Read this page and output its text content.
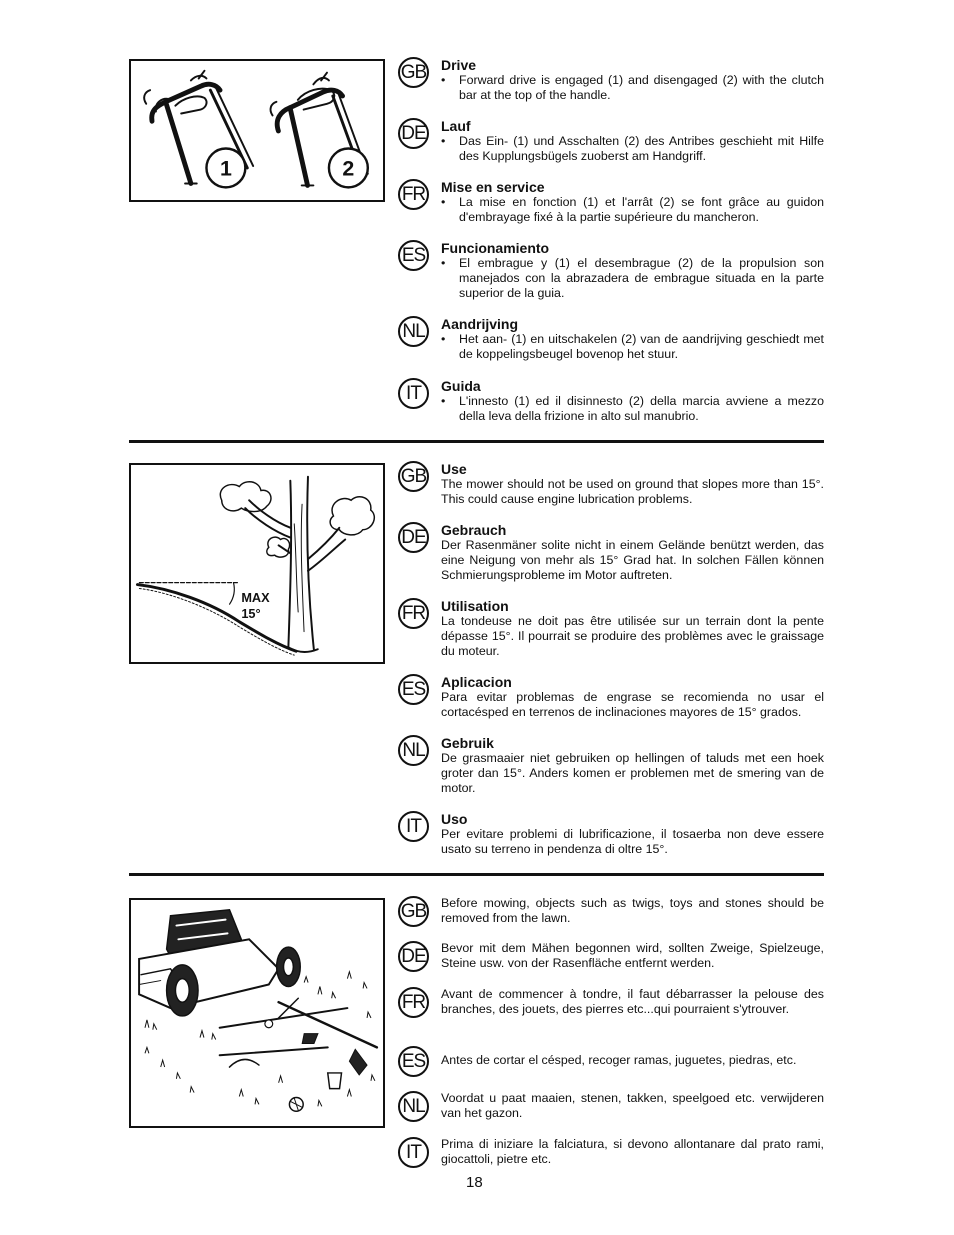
1	2
GB Drive
• Forward drive is engaged (1) and disengaged (2) with the clutch bar at the top of the handle.
DE Lauf
• Das Ein- (1) und Asschalten (2) des Antribes geschieht mit Hilfe des Kupplungsbügels zuoberst am Handgriff.
FR Mise en service
• La mise en fonction (1) et l'arrât (2) se font grâce au guidon d'embrayage fixé à la partie supérieure du mancheron.
ES Funcionamiento
• El embrague y (1) el desembrague (2) de la propulsion son manejados con la abrazadera de embrague situada en la parte superior de la guia.
NL	Aandrijving
• Het aan- (1) en uitschakelen (2) van de aandrijving geschiedt met de koppelingsbeugel bovenop het stuur.
IT	Guida
• L'innesto (1) ed il disinnesto (2) della marcia avviene a mezzo della leva della frizione in alto sul manubrio.
MAX
15°
GB Use
The mower should not be used on ground that slopes more than 15°. This could cause engine lubrication problems.
DE Gebrauch
Der Rasenmäner solite nicht in einem Gelände benützt werden, das eine Neigung von mehr als 15° Grad hat. In solchen Fällen können Schmierungsprobleme im Motor auftreten.
FR Utilisation
La tondeuse ne doit pas être utilisée sur un terrain dont la pente dépasse 15°. Il pourrait se produire des problèmes avec le graissage du moteur.
ES Aplicacion
Para evitar problemas de engrase se recomienda no usar el cortacésped en terrenos de inclinaciones mayores de 15° grados.
NL	Gebruik
De grasmaaier niet gebruiken op hellingen of taluds met een hoek groter dan 15°. Anders komen er problemen met de smering van de motor.
IT	Uso
Per evitare problemi di lubrificazione, il tosaerba non deve essere usato su terreno in pendenza di oltre 15°.
GB Before mowing, objects such as twigs, toys and stones should be removed from the lawn.
DE Bevor mit dem Mähen begonnen wird, sollten Zweige, Spielzeuge, Steine usw. von der Rasenfläche entfernt werden.
FR	Avant de commencer à tondre, il faut débarrasser la pelouse des branches, des jouets, des pierres etc...qui pourraient s'ytrouver.
ES	Antes de cortar el césped, recoger ramas, juguetes, piedras, etc.
NL	Voordat u paat maaien, stenen, takken, speelgoed etc. verwijderen van het gazon.
IT	Prima di iniziare la falciatura, si devono allontanare dal prato rami, giocattoli, pietre etc.
18
